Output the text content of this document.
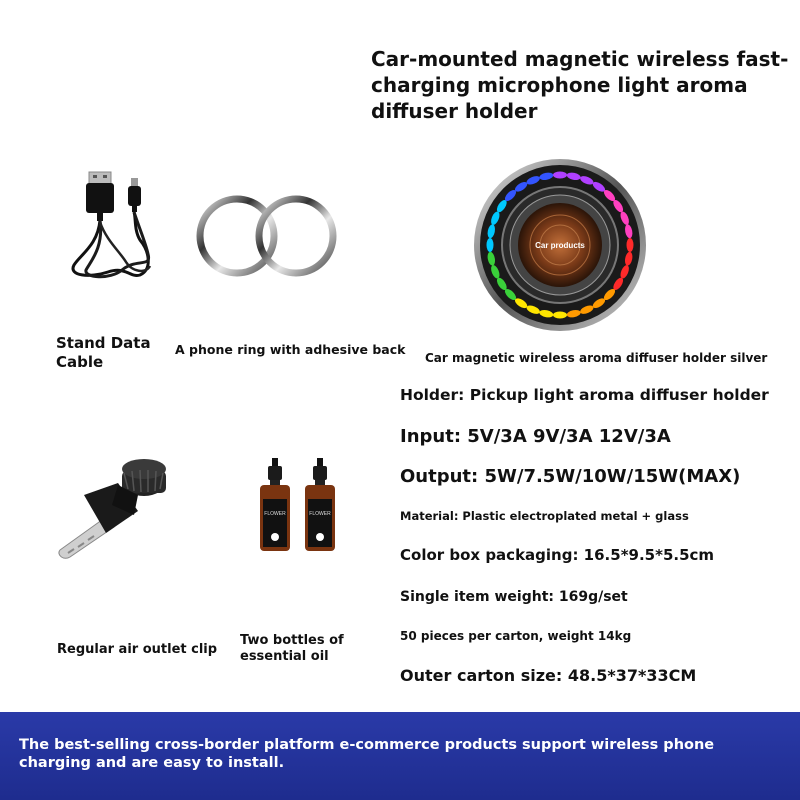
Car-mounted magnetic wireless fast-charging microphone light aroma diffuser holder
Stand Data Cable
A phone ring with adhesive back
Car products
Car magnetic wireless aroma diffuser holder silver
Regular air outlet clip
FLOWER	FLOWER
Two bottles of essential oil
Holder: Pickup light aroma diffuser holder
Input: 5V/3A 9V/3A 12V/3A
Output: 5W/7.5W/10W/15W(MAX)
Material: Plastic electroplated metal + glass
Color box packaging: 16.5*9.5*5.5cm
Single item weight: 169g/set
50 pieces per carton, weight 14kg
Outer carton size: 48.5*37*33CM
The best-selling cross-border platform e-commerce products support wireless phone charging and are easy to install.
